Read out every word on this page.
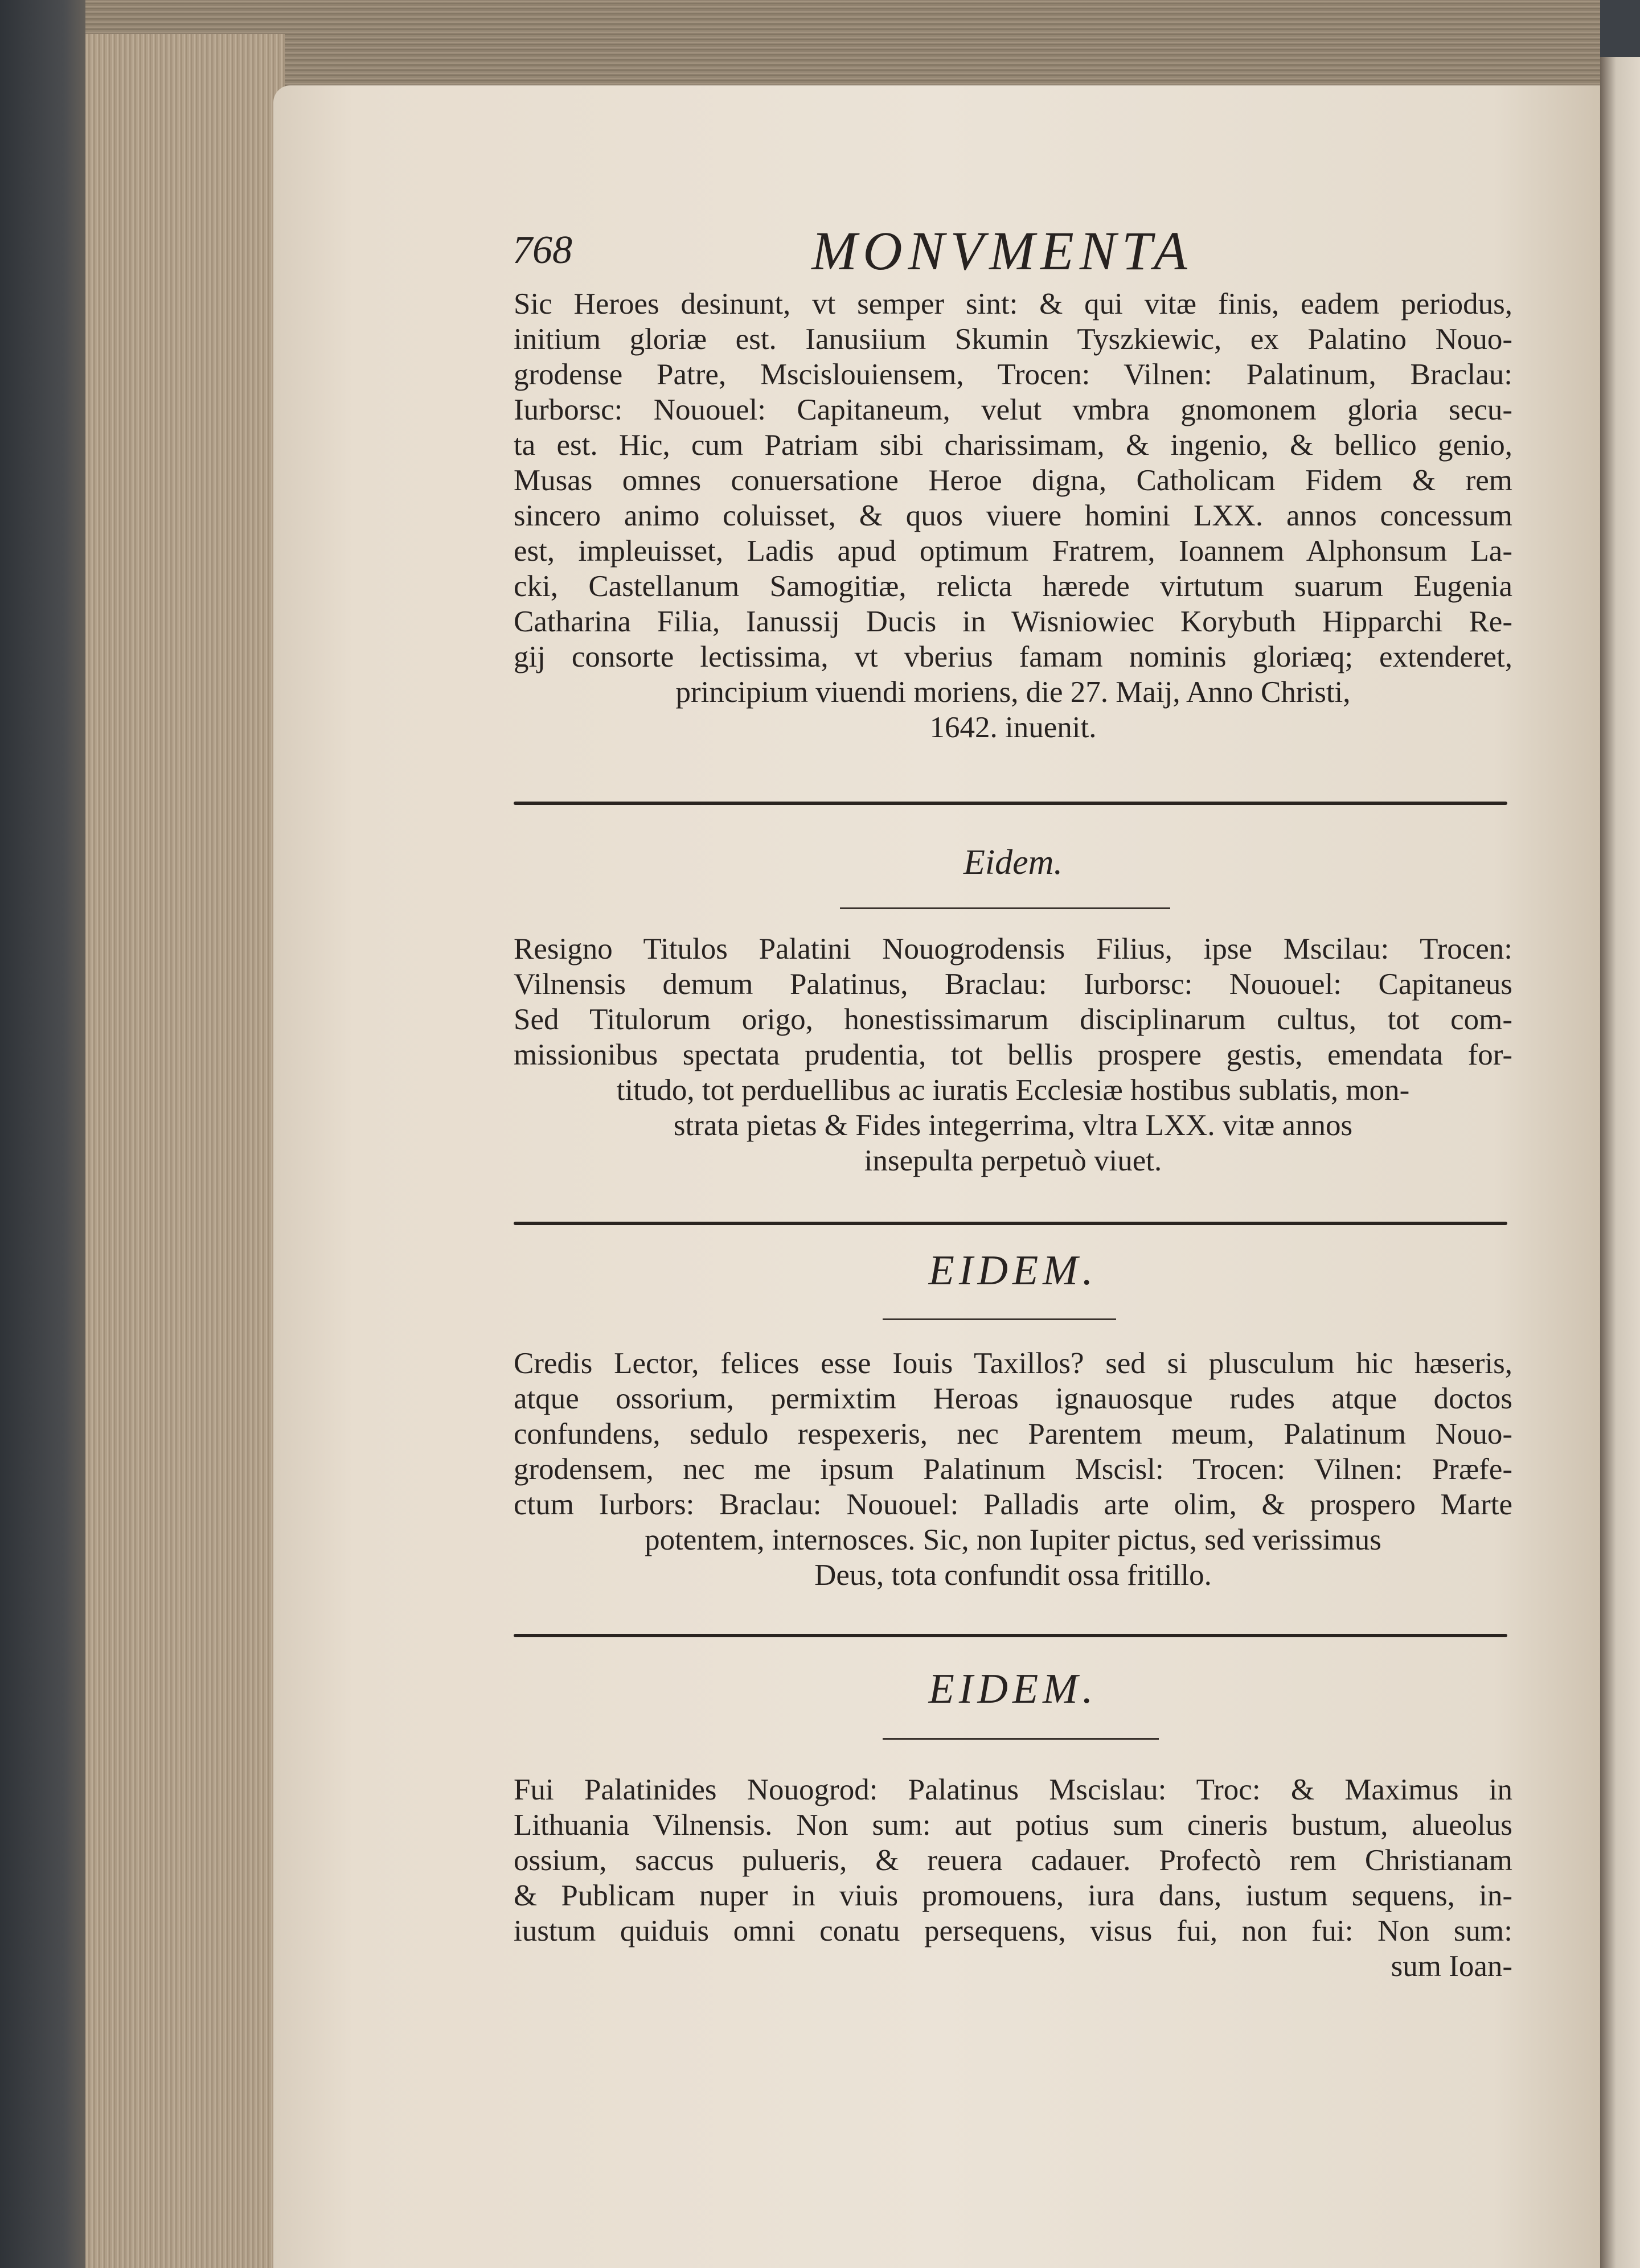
768	MONVMENTA
Sic Heroes desinunt, vt semper sint: & qui vitæ finis, eadem periodus,
initium gloriæ est. Ianusiium Skumin Tyszkiewic, ex Palatino Nouo-
grodense Patre, Mscislouiensem, Trocen: Vilnen: Palatinum, Braclau:
Iurborsc: Nououel: Capitaneum, velut vmbra gnomonem gloria secu-
ta est. Hic, cum Patriam sibi charissimam, & ingenio, & bellico genio,
Musas omnes conuersatione Heroe digna, Catholicam Fidem & rem
sincero animo coluisset, & quos viuere homini LXX. annos concessum
est, impleuisset, Ladis apud optimum Fratrem, Ioannem Alphonsum La-
cki, Castellanum Samogitiæ, relicta hærede virtutum suarum Eugenia
Catharina Filia, Ianussij Ducis in Wisniowiec Korybuth Hipparchi Re-
gij consorte lectissima, vt vberius famam nominis gloriæq; extenderet,
principium viuendi moriens, die 27. Maij, Anno Christi,
1642. inuenit.
Eidem.
Resigno Titulos Palatini Nouogrodensis Filius, ipse Mscilau: Trocen:
Vilnensis demum Palatinus, Braclau: Iurborsc: Nououel: Capitaneus
Sed Titulorum origo, honestissimarum disciplinarum cultus, tot com-
missionibus spectata prudentia, tot bellis prospere gestis, emendata for-
titudo, tot perduellibus ac iuratis Ecclesiæ hostibus sublatis, mon-
strata pietas & Fides integerrima, vltra LXX. vitæ annos
insepulta perpetuò viuet.
EIDEM.
Credis Lector, felices esse Iouis Taxillos? sed si plusculum hic hæseris,
atque ossorium, permixtim Heroas ignauosque rudes atque doctos
confundens, sedulo respexeris, nec Parentem meum, Palatinum Nouo-
grodensem, nec me ipsum Palatinum Mscisl: Trocen: Vilnen: Præfe-
ctum Iurbors: Braclau: Nououel: Palladis arte olim, & prospero Marte
potentem, internosces. Sic, non Iupiter pictus, sed verissimus
Deus, tota confundit ossa fritillo.
EIDEM.
Fui Palatinides Nouogrod: Palatinus Mscislau: Troc: & Maximus in
Lithuania Vilnensis. Non sum: aut potius sum cineris bustum, alueolus
ossium, saccus pulueris, & reuera cadauer. Profectò rem Christianam
& Publicam nuper in viuis promouens, iura dans, iustum sequens, in-
iustum quiduis omni conatu persequens, visus fui, non fui: Non sum:
sum Ioan-
